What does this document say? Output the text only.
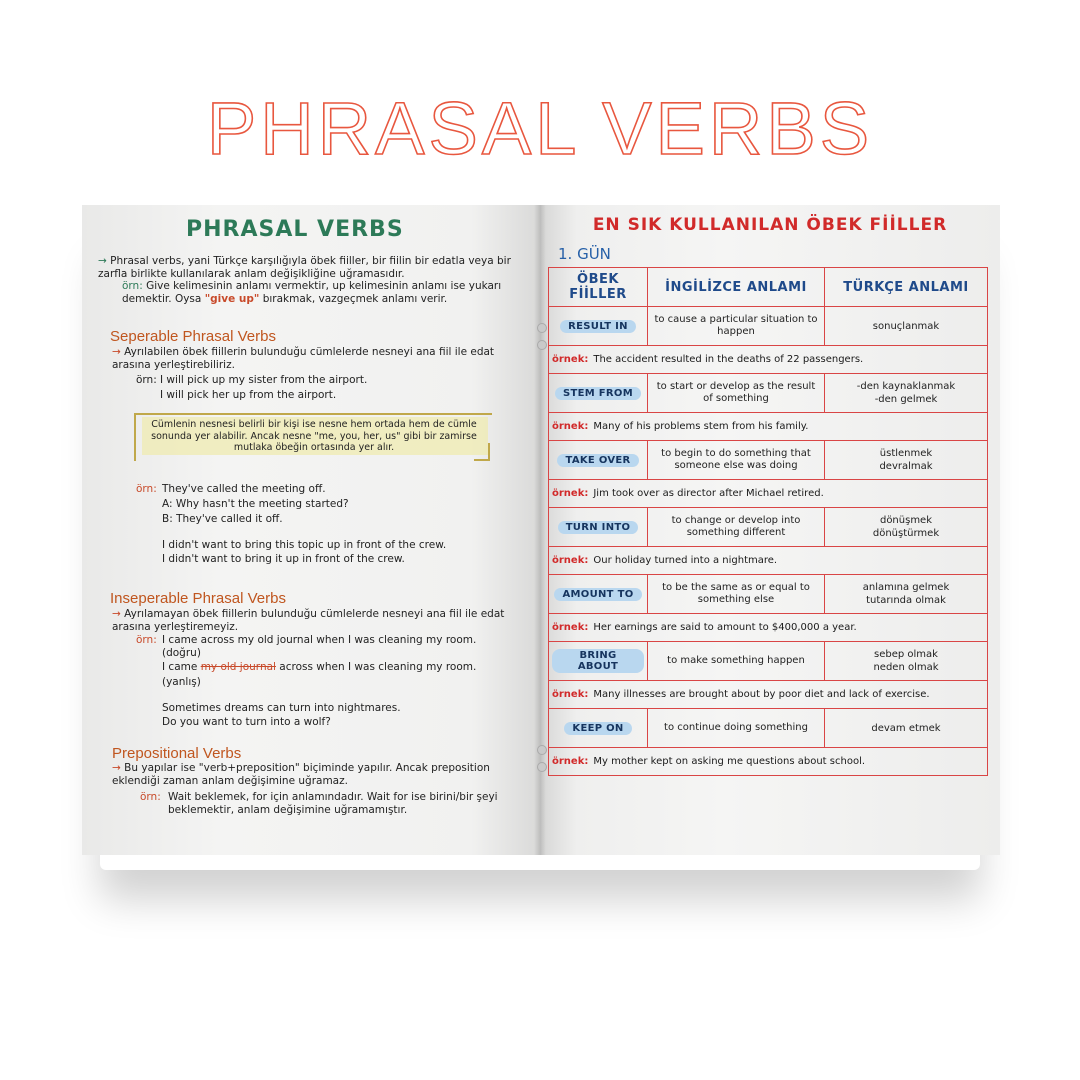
PHRASAL VERBS
PHRASAL VERBS
→ Phrasal verbs, yani Türkçe karşılığıyla öbek fiiller, bir fiilin bir edatla veya bir zarfla birlikte kullanılarak anlam değişikliğine uğramasıdır.
örn: Give kelimesinin anlamı vermektir, up kelimesinin anlamı ise yukarı demektir. Oysa "give up" bırakmak, vazgeçmek anlamı verir.
Seperable Phrasal Verbs
→ Ayrılabilen öbek fiillerin bulunduğu cümlelerde nesneyi ana fiil ile edat arasına yerleştirebiliriz.
örn: I will pick up my sister from the airport.
I will pick her up from the airport.
Cümlenin nesnesi belirli bir kişi ise nesne hem ortada hem de cümle sonunda yer alabilir. Ancak nesne "me, you, her, us" gibi bir zamirse mutlaka öbeğin ortasında yer alır.
örn: They've called the meeting off.
A: Why hasn't the meeting started?
B: They've called it off.
I didn't want to bring this topic up in front of the crew.
I didn't want to bring it up in front of the crew.
Inseperable Phrasal Verbs
→ Ayrılamayan öbek fiillerin bulunduğu cümlelerde nesneyi ana fiil ile edat arasına yerleştiremeyiz.
örn: I came across my old journal when I was cleaning my room.
(doğru)
I came my old journal across when I was cleaning my room.
(yanlış)
Sometimes dreams can turn into nightmares.
Do you want to turn into a wolf?
Prepositional Verbs
→ Bu yapılar ise "verb+preposition" biçiminde yapılır. Ancak preposition eklendiği zaman anlam değişimine uğramaz.
örn: Wait beklemek, for için anlamındadır. Wait for ise birini/bir şeyi beklemektir, anlam değişimine uğramamıştır.
EN SIK KULLANILAN ÖBEK FİİLLER
1. GÜN
ÖBEK FİİLLER	İNGİLİZCE ANLAMI	TÜRKÇE ANLAMI
RESULT IN	to cause a particular situation to happen	sonuçlanmak
örnek: The accident resulted in the deaths of 22 passengers.		
STEM FROM	to start or develop as the result of something	-den kaynaklanmak
-den gelmek
örnek: Many of his problems stem from his family.		
TAKE OVER	to begin to do something that someone else was doing	üstlenmek
devralmak
örnek: Jim took over as director after Michael retired.		
TURN INTO	to change or develop into something different	dönüşmek
dönüştürmek
örnek: Our holiday turned into a nightmare.		
AMOUNT TO	to be the same as or equal to something else	anlamına gelmek
tutarında olmak
örnek: Her earnings are said to amount to $400,000 a year.		
BRING ABOUT	to make something happen	sebep olmak
neden olmak
örnek: Many illnesses are brought about by poor diet and lack of exercise.		
KEEP ON	to continue doing something	devam etmek
örnek: My mother kept on asking me questions about school.		
